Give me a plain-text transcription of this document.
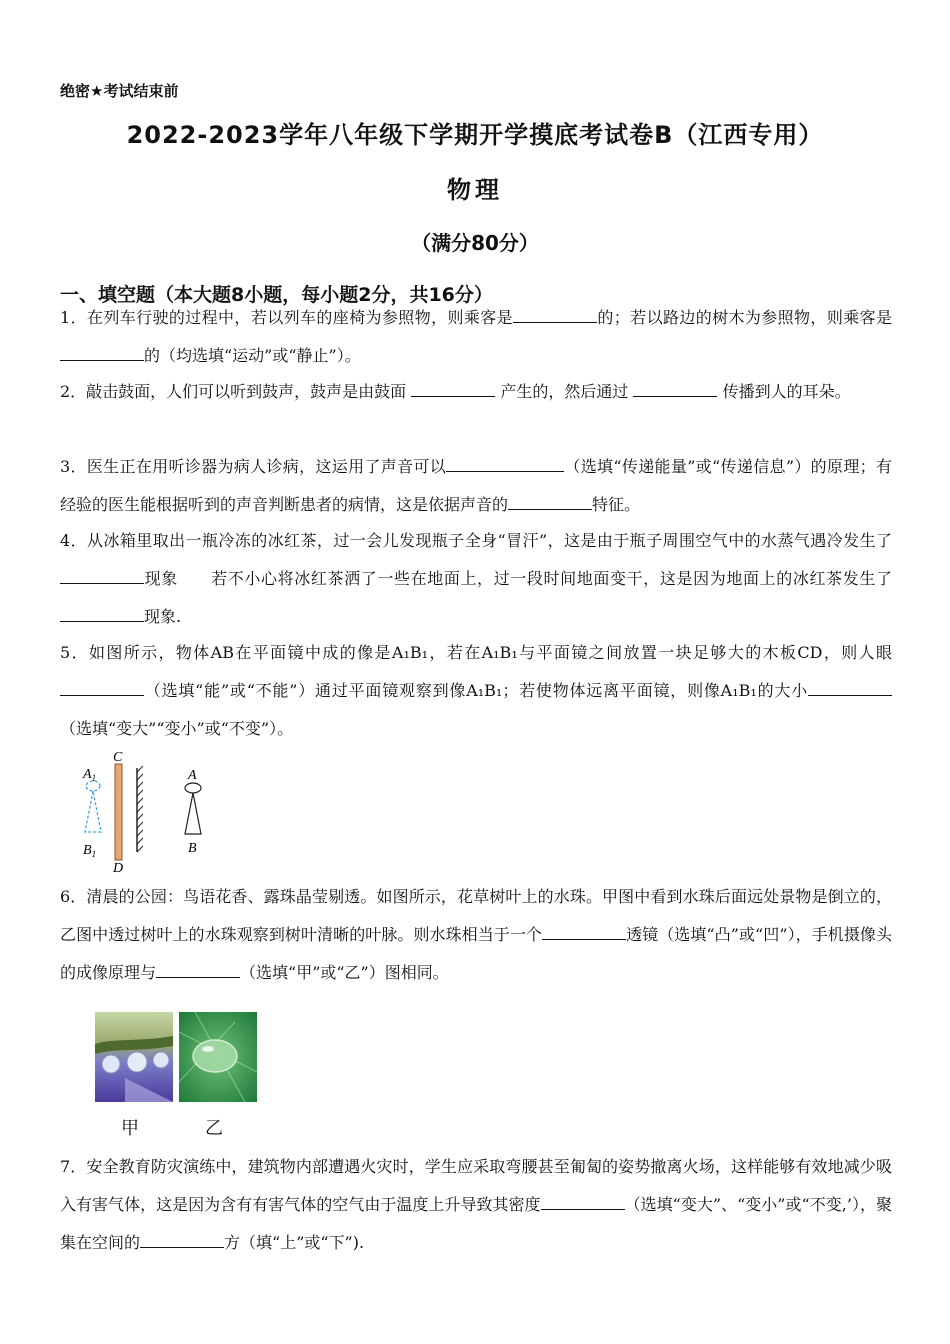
绝密★考试结束前
2022-2023学年八年级下学期开学摸底考试卷B（江西专用）
物理
（满分80分）
一、填空题（本大题8小题，每小题2分，共16分）
1．在列车行驶的过程中，若以列车的座椅为参照物，则乘客是	的；若以路边的树木为参照物，则乘客是的（均选填“运动”或“静止”）。
2．敲击鼓面，人们可以听到鼓声，鼓声是由鼓面	产生的，然后通过	传播到人的耳朵。
3．医生正在用听诊器为病人诊病，这运用了声音可以	（选填“传递能量”或“传递信息”）的原理；有经验的医生能根据听到的声音判断患者的病情，这是依据声音的	特征。
4．从冰箱里取出一瓶冷冻的冰红茶，过一会儿发现瓶子全身“冒汗”，这是由于瓶子周围空气中的水蒸气遇冷发生了现象　　若不小心将冰红茶洒了一些在地面上，过一段时间地面变干，这是因为地面上的冰红茶发生了现象.
5．如图所示，物体AB在平面镜中成的像是A₁B₁，若在A₁B₁与平面镜之间放置一块足够大的木板CD，则人眼（选填“能”或“不能”）通过平面镜观察到像A₁B₁；若使物体远离平面镜，则像A₁B₁的大小（选填“变大”“变小”或“不变”）。
$A_1$
$B_1$
C
D
A
B
6．清晨的公园：鸟语花香、露珠晶莹剔透。如图所示，花草树叶上的水珠。甲图中看到水珠后面远处景物是倒立的，乙图中透过树叶上的水珠观察到树叶清晰的叶脉。则水珠相当于一个	透镜（选填“凸”或“凹”），手机摄像头的成像原理与	（选填“甲”或“乙”）图相同。
甲	乙
7．安全教育防灾演练中，建筑物内部遭遇火灾时，学生应采取弯腰甚至匍匐的姿势撤离火场，这样能够有效地减少吸入有害气体，这是因为含有有害气体的空气由于温度上升导致其密度	（选填“变大”、“变小”或“不变,’），聚集在空间的	方（填“上”或“下”).
